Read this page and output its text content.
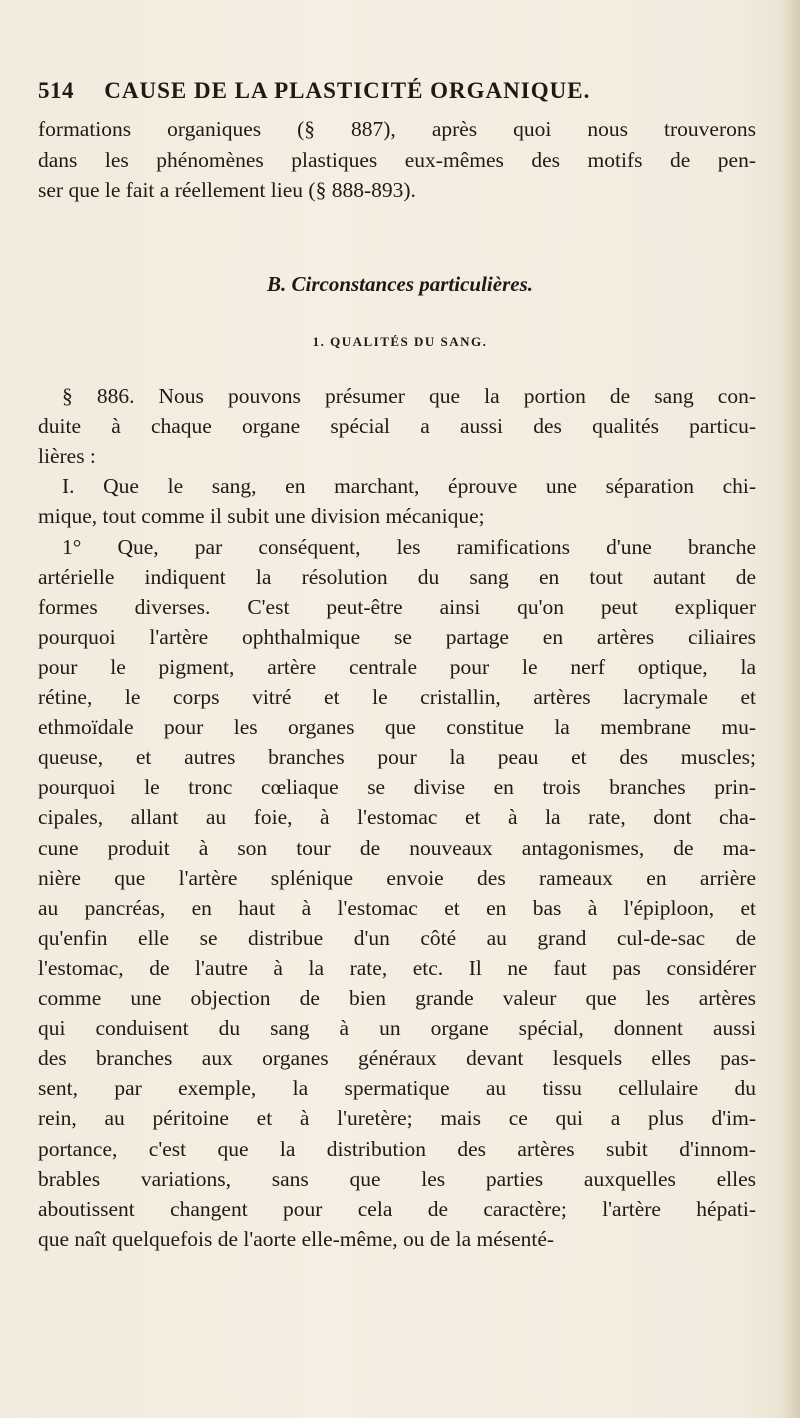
514 CAUSE DE LA PLASTICITÉ ORGANIQUE.
formations organiques (§ 887), après quoi nous trouverons
dans les phénomènes plastiques eux-mêmes des motifs de pen-
ser que le fait a réellement lieu (§ 888-893).
B. Circonstances particulières.
1. QUALITÉS DU SANG.
§ 886. Nous pouvons présumer que la portion de sang con-
duite à chaque organe spécial a aussi des qualités particu-
lières :
I. Que le sang, en marchant, éprouve une séparation chi-
mique, tout comme il subit une division mécanique;
1° Que, par conséquent, les ramifications d'une branche
artérielle indiquent la résolution du sang en tout autant de
formes diverses. C'est peut-être ainsi qu'on peut expliquer
pourquoi l'artère ophthalmique se partage en artères ciliaires
pour le pigment, artère centrale pour le nerf optique, la
rétine, le corps vitré et le cristallin, artères lacrymale et
ethmoïdale pour les organes que constitue la membrane mu-
queuse, et autres branches pour la peau et des muscles;
pourquoi le tronc cœliaque se divise en trois branches prin-
cipales, allant au foie, à l'estomac et à la rate, dont cha-
cune produit à son tour de nouveaux antagonismes, de ma-
nière que l'artère splénique envoie des rameaux en arrière
au pancréas, en haut à l'estomac et en bas à l'épiploon, et
qu'enfin elle se distribue d'un côté au grand cul-de-sac de
l'estomac, de l'autre à la rate, etc. Il ne faut pas considérer
comme une objection de bien grande valeur que les artères
qui conduisent du sang à un organe spécial, donnent aussi
des branches aux organes généraux devant lesquels elles pas-
sent, par exemple, la spermatique au tissu cellulaire du
rein, au péritoine et à l'uretère; mais ce qui a plus d'im-
portance, c'est que la distribution des artères subit d'innom-
brables variations, sans que les parties auxquelles elles
aboutissent changent pour cela de caractère; l'artère hépati-
que naît quelquefois de l'aorte elle-même, ou de la mésenté-
